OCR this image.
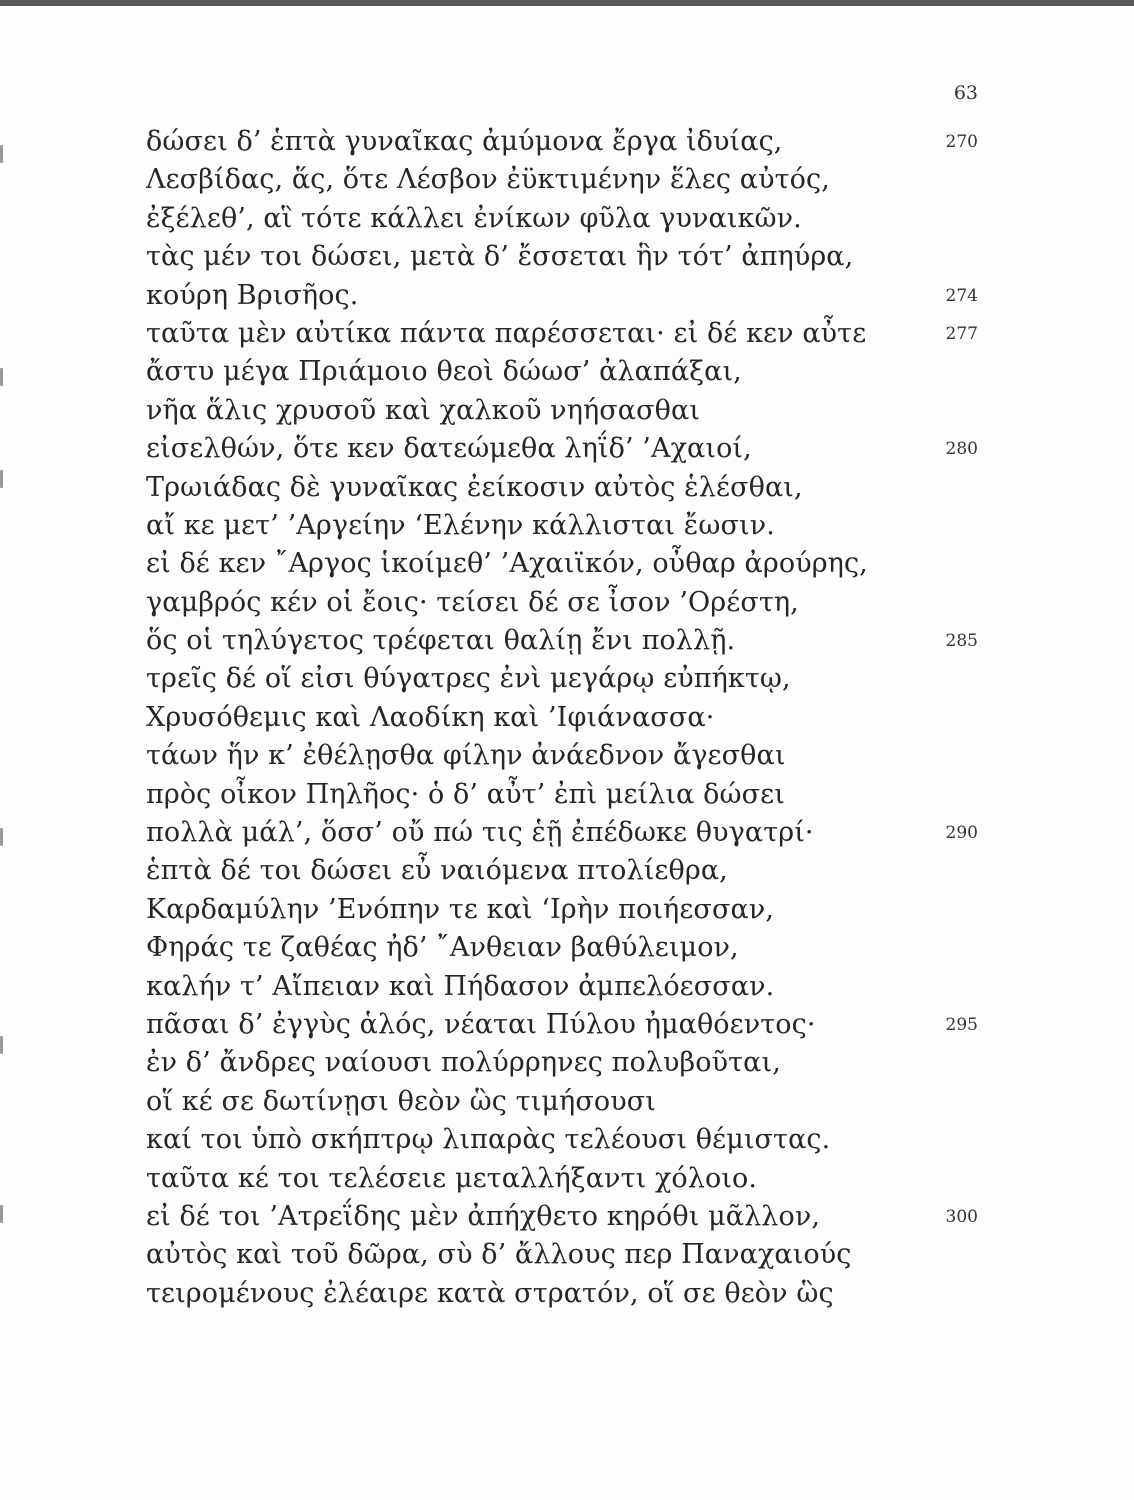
63
δώσει δ’ ἑπτὰ γυναῖκας ἀμύμονα ἔργα ἰδυίας,	270
Λεσβίδας, ἅς, ὅτε Λέσβον ἐϋκτιμένην ἕλες αὐτός,
ἐξέλεθ’, αἳ τότε κάλλει ἐνίκων φῦλα γυναικῶν.
τὰς μέν τοι δώσει, μετὰ δ’ ἔσσεται ἣν τότ’ ἀπηύρα,
κούρη Βρισῆος.	274
ταῦτα μὲν αὐτίκα πάντα παρέσσεται· εἰ δέ κεν αὖτε	277
ἄστυ μέγα Πριάμοιο θεοὶ δώωσ’ ἀλαπάξαι,
νῆα ἅλις χρυσοῦ καὶ χαλκοῦ νηήσασθαι
εἰσελθών, ὅτε κεν δατεώμεθα ληΐδ’ ’Αχαιοί,	280
Τρωιάδας δὲ γυναῖκας ἐείκοσιν αὐτὸς ἑλέσθαι,
αἴ κε μετ’ ’Αργείην ‘Ελένην κάλλισται ἔωσιν.
εἰ δέ κεν ῎Αργος ἱκοίμεθ’ ’Αχαιϊκόν, οὖθαρ ἀρούρης,
γαμβρός κέν οἱ ἔοις· τείσει δέ σε ἶσον ’Ορέστη,
ὅς οἱ τηλύγετος τρέφεται θαλίῃ ἔνι πολλῇ.	285
τρεῖς δέ οἵ εἰσι θύγατρες ἐνὶ μεγάρῳ εὐπήκτῳ,
Χρυσόθεμις καὶ Λαοδίκη καὶ ’Ιφιάνασσα·
τάων ἥν κ’ ἐθέλῃσθα φίλην ἀνάεδνον ἄγεσθαι
πρὸς οἶκον Πηλῆος· ὁ δ’ αὖτ’ ἐπὶ μείλια δώσει
πολλὰ μάλ’, ὅσσ’ οὔ πώ τις ἑῇ ἐπέδωκε θυγατρί·	290
ἑπτὰ δέ τοι δώσει εὖ ναιόμενα πτολίεθρα,
Καρδαμύλην ’Ενόπην τε καὶ ‘Ιρὴν ποιήεσσαν,
Φηράς τε ζαθέας ἠδ’ ῎Ανθειαν βαθύλειμον,
καλήν τ’ Αἴπειαν καὶ Πήδασον ἀμπελόεσσαν.
πᾶσαι δ’ ἐγγὺς ἁλός, νέαται Πύλου ἠμαθόεντος·	295
ἐν δ’ ἄνδρες ναίουσι πολύρρηνες πολυβοῦται,
οἵ κέ σε δωτίνῃσι θεὸν ὣς τιμήσουσι
καί τοι ὑπὸ σκήπτρῳ λιπαρὰς τελέουσι θέμιστας.
ταῦτα κέ τοι τελέσειε μεταλλήξαντι χόλοιο.
εἰ δέ τοι ’Ατρεΐδης μὲν ἀπήχθετο κηρόθι μᾶλλον,	300
αὐτὸς καὶ τοῦ δῶρα, σὺ δ’ ἄλλους περ Παναχαιούς
τειρομένους ἐλέαιρε κατὰ στρατόν, οἵ σε θεὸν ὣς
